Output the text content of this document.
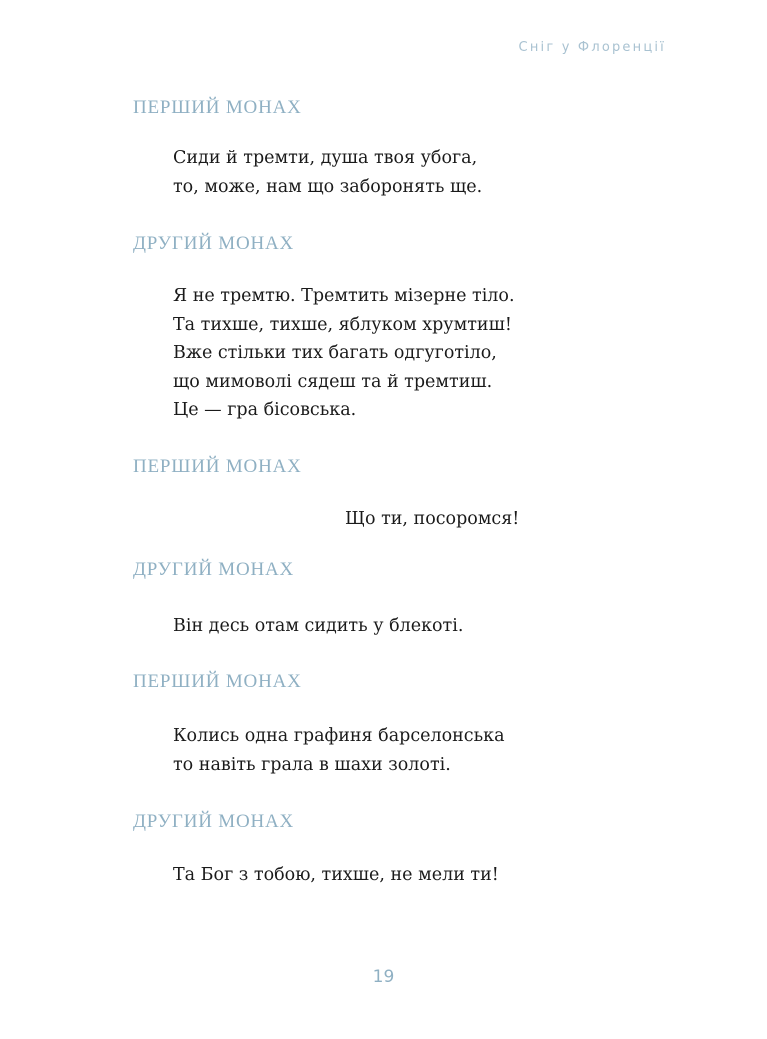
Сніг у Флоренції
ПЕРШИЙ МОНАХ
Сиди й тремти, душа твоя убога,
то, може, нам що заборонять ще.
ДРУГИЙ МОНАХ
Я не тремтю. Тремтить мізерне тіло.
Та тихше, тихше, яблуком хрумтиш!
Вже стільки тих багать одгуготіло,
що мимоволі сядеш та й тремтиш.
Це — гра бісовська.
ПЕРШИЙ МОНАХ
Що ти, посоромся!
ДРУГИЙ МОНАХ
Він десь отам сидить у блекоті.
ПЕРШИЙ МОНАХ
Колись одна графиня барселонська
то навіть грала в шахи золоті.
ДРУГИЙ МОНАХ
Та Бог з тобою, тихше, не мели ти!
19
